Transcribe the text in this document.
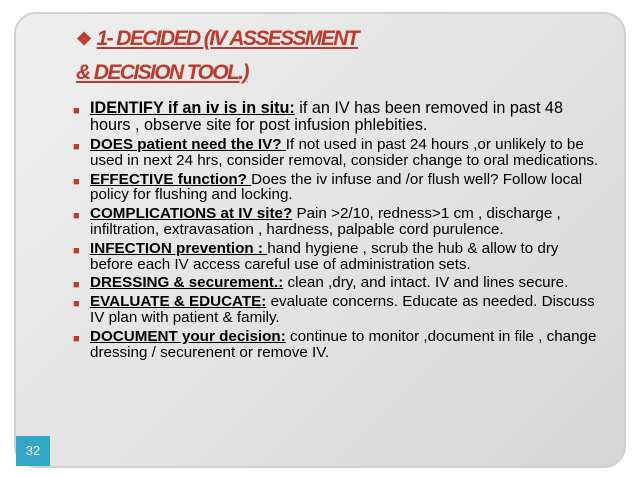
❖ 1- DECIDED (IV ASSESSMENT
& DECISION TOOL.)
■ IDENTIFY if an iv is in situ: if an IV has been removed in past 48 hours , observe site for post infusion phlebities.
■ DOES patient need the IV? If not used in past 24 hours ,or unlikely to be used in next 24 hrs, consider removal, consider change to oral medications.
■ EFFECTIVE function? Does the iv infuse and /or flush well? Follow local policy for flushing and locking.
■ COMPLICATIONS at IV site? Pain >2/10, redness>1 cm , discharge , infiltration, extravasation , hardness, palpable cord purulence.
■ INFECTION prevention : hand hygiene , scrub the hub & allow to dry before each IV access careful use of administration sets.
■ DRESSING & securement.: clean ,dry, and intact. IV and lines secure.
■ EVALUATE & EDUCATE: evaluate concerns. Educate as needed. Discuss IV plan with patient & family.
■ DOCUMENT your decision: continue to monitor ,document in file , change dressing / securenent or remove IV.
32
